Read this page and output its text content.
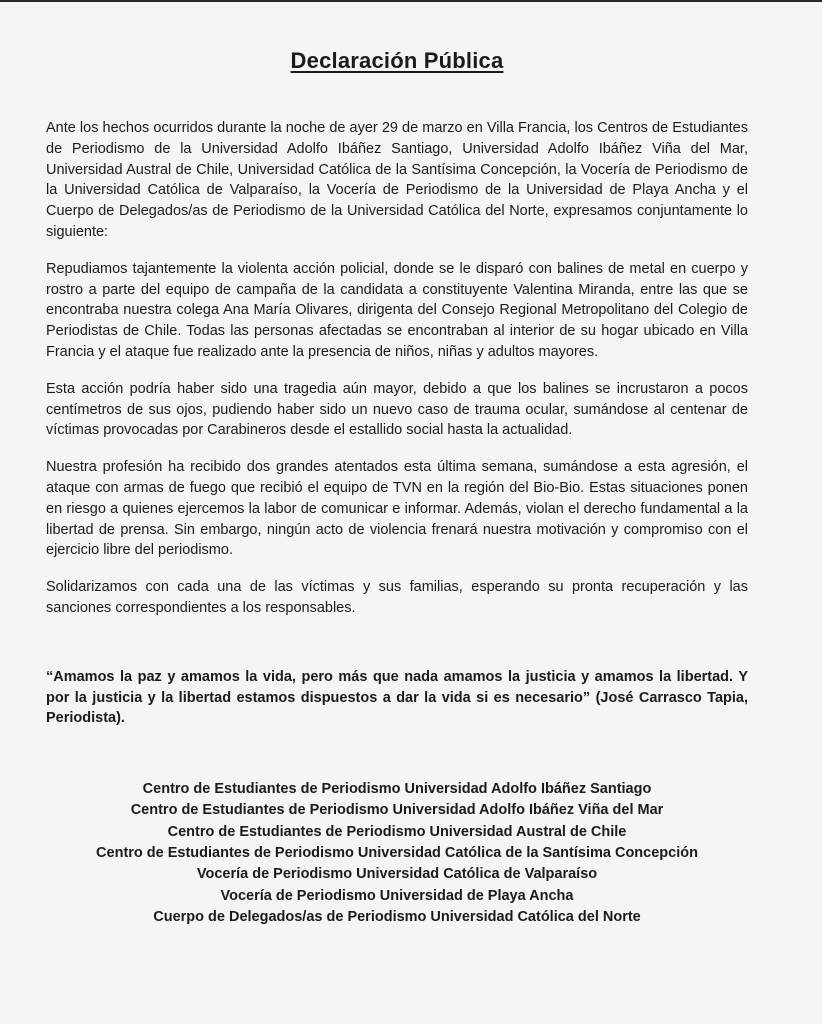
Declaración Pública

Ante los hechos ocurridos durante la noche de ayer 29 de marzo en Villa Francia, los Centros de Estudiantes de Periodismo de la Universidad Adolfo Ibáñez Santiago, Universidad Adolfo Ibáñez Viña del Mar, Universidad Austral de Chile, Universidad Católica de la Santísima Concepción, la Vocería de Periodismo de la Universidad Católica de Valparaíso, la Vocería de Periodismo de la Universidad de Playa Ancha y el Cuerpo de Delegados/as de Periodismo de la Universidad Católica del Norte, expresamos conjuntamente lo siguiente:

Repudiamos tajantemente la violenta acción policial, donde se le disparó con balines de metal en cuerpo y rostro a parte del equipo de campaña de la candidata a constituyente Valentina Miranda, entre las que se encontraba nuestra colega Ana María Olivares, dirigenta del Consejo Regional Metropolitano del Colegio de Periodistas de Chile. Todas las personas afectadas se encontraban al interior de su hogar ubicado en Villa Francia y el ataque fue realizado ante la presencia de niños, niñas y adultos mayores.

Esta acción podría haber sido una tragedia aún mayor, debido a que los balines se incrustaron a pocos centímetros de sus ojos, pudiendo haber sido un nuevo caso de trauma ocular, sumándose al centenar de víctimas provocadas por Carabineros desde el estallido social hasta la actualidad.

Nuestra profesión ha recibido dos grandes atentados esta última semana, sumándose a esta agresión, el ataque con armas de fuego que recibió el equipo de TVN en la región del Bio-Bio. Estas situaciones ponen en riesgo a quienes ejercemos la labor de comunicar e informar. Además, violan el derecho fundamental a la libertad de prensa. Sin embargo, ningún acto de violencia frenará nuestra motivación y compromiso con el ejercicio libre del periodismo.

Solidarizamos con cada una de las víctimas y sus familias, esperando su pronta recuperación y las sanciones correspondientes a los responsables.

“Amamos la paz y amamos la vida, pero más que nada amamos la justicia y amamos la libertad. Y por la justicia y la libertad estamos dispuestos a dar la vida si es necesario” (José Carrasco Tapia, Periodista).

Centro de Estudiantes de Periodismo Universidad Adolfo Ibáñez Santiago
Centro de Estudiantes de Periodismo Universidad Adolfo Ibáñez Viña del Mar
Centro de Estudiantes de Periodismo Universidad Austral de Chile
Centro de Estudiantes de Periodismo Universidad Católica de la Santísima Concepción
Vocería de Periodismo Universidad Católica de Valparaíso
Vocería de Periodismo Universidad de Playa Ancha
Cuerpo de Delegados/as de Periodismo Universidad Católica del Norte
